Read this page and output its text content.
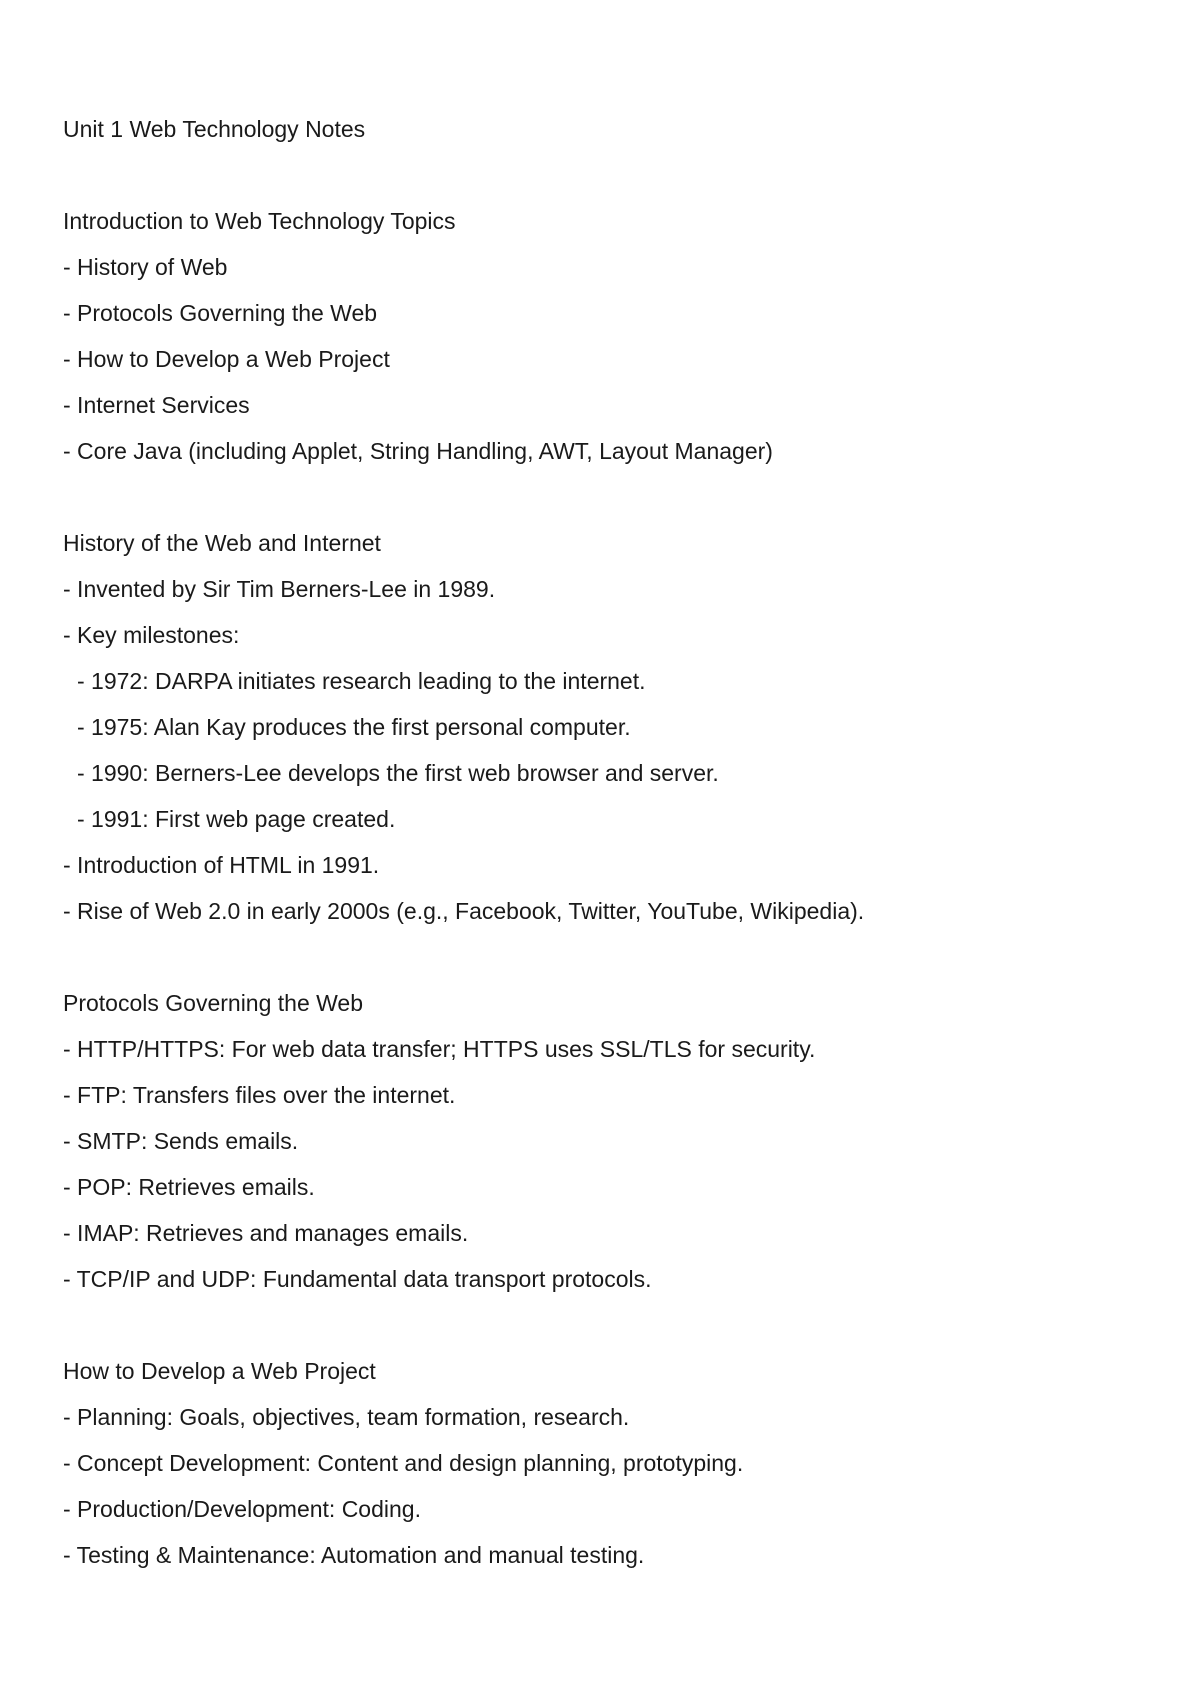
Unit 1 Web Technology Notes
Introduction to Web Technology Topics
- History of Web
- Protocols Governing the Web
- How to Develop a Web Project
- Internet Services
- Core Java (including Applet, String Handling, AWT, Layout Manager)
History of the Web and Internet
- Invented by Sir Tim Berners-Lee in 1989.
- Key milestones:
- 1972: DARPA initiates research leading to the internet.
- 1975: Alan Kay produces the first personal computer.
- 1990: Berners-Lee develops the first web browser and server.
- 1991: First web page created.
- Introduction of HTML in 1991.
- Rise of Web 2.0 in early 2000s (e.g., Facebook, Twitter, YouTube, Wikipedia).
Protocols Governing the Web
- HTTP/HTTPS: For web data transfer; HTTPS uses SSL/TLS for security.
- FTP: Transfers files over the internet.
- SMTP: Sends emails.
- POP: Retrieves emails.
- IMAP: Retrieves and manages emails.
- TCP/IP and UDP: Fundamental data transport protocols.
How to Develop a Web Project
- Planning: Goals, objectives, team formation, research.
- Concept Development: Content and design planning, prototyping.
- Production/Development: Coding.
- Testing & Maintenance: Automation and manual testing.
